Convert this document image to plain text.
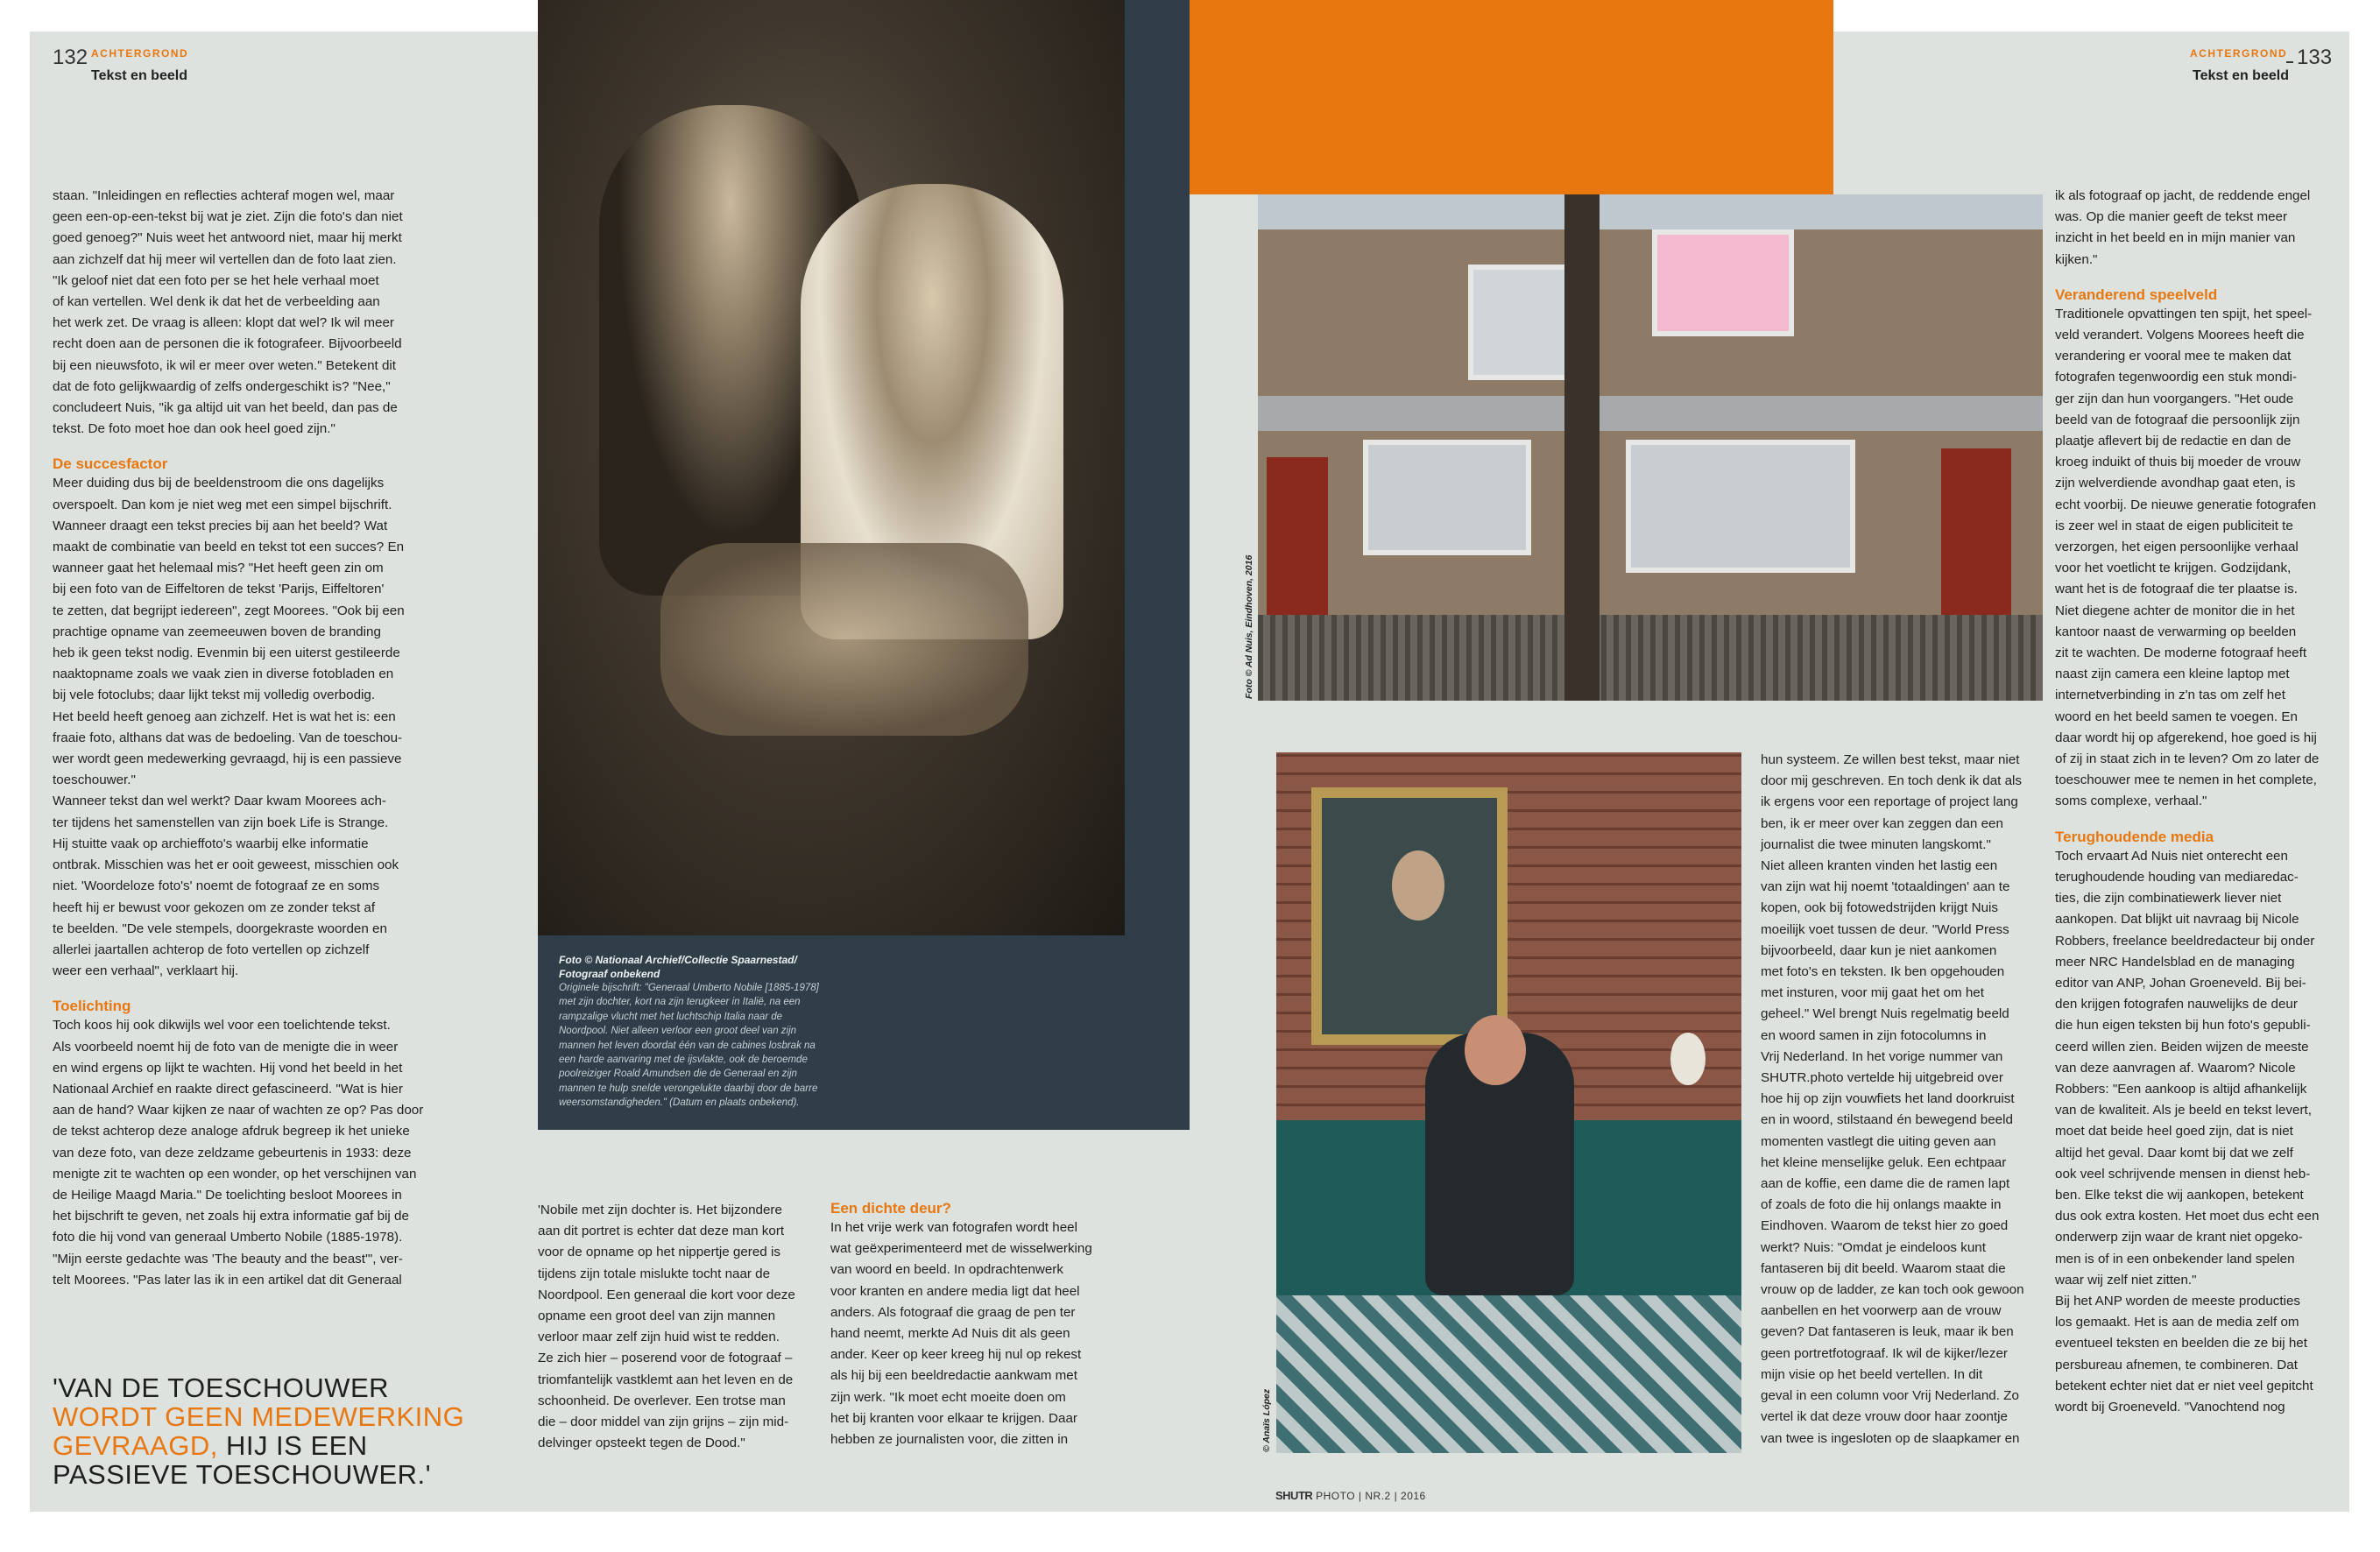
132 ACHTERGROND
Tekst en beeld
ACHTERGROND
Tekst en beeld
133
staan. "Inleidingen en reflecties achteraf mogen wel, maar
geen een-op-een-tekst bij wat je ziet. Zijn die foto's dan niet
goed genoeg?" Nuis weet het antwoord niet, maar hij merkt
aan zichzelf dat hij meer wil vertellen dan de foto laat zien.
"Ik geloof niet dat een foto per se het hele verhaal moet
of kan vertellen. Wel denk ik dat het de verbeelding aan
het werk zet. De vraag is alleen: klopt dat wel? Ik wil meer
recht doen aan de personen die ik fotografeer. Bijvoorbeeld
bij een nieuwsfoto, ik wil er meer over weten." Betekent dit
dat de foto gelijkwaardig of zelfs ondergeschikt is? "Nee,"
concludeert Nuis, "ik ga altijd uit van het beeld, dan pas de
tekst. De foto moet hoe dan ook heel goed zijn."
De succesfactor
Meer duiding dus bij de beeldenstroom die ons dagelijks
overspoelt. Dan kom je niet weg met een simpel bijschrift.
Wanneer draagt een tekst precies bij aan het beeld? Wat
maakt de combinatie van beeld en tekst tot een succes? En
wanneer gaat het helemaal mis? "Het heeft geen zin om
bij een foto van de Eiffeltoren de tekst 'Parijs, Eiffeltoren'
te zetten, dat begrijpt iedereen", zegt Moorees. "Ook bij een
prachtige opname van zeemeeuwen boven de branding
heb ik geen tekst nodig. Evenmin bij een uiterst gestileerde
naaktopname zoals we vaak zien in diverse fotobladen en
bij vele fotoclubs; daar lijkt tekst mij volledig overbodig.
Het beeld heeft genoeg aan zichzelf. Het is wat het is: een
fraaie foto, althans dat was de bedoeling. Van de toeschou-
wer wordt geen medewerking gevraagd, hij is een passieve
toeschouwer."
Wanneer tekst dan wel werkt? Daar kwam Moorees ach-
ter tijdens het samenstellen van zijn boek Life is Strange.
Hij stuitte vaak op archieffoto's waarbij elke informatie
ontbrak. Misschien was het er ooit geweest, misschien ook
niet. 'Woordeloze foto's' noemt de fotograaf ze en soms
heeft hij er bewust voor gekozen om ze zonder tekst af
te beelden. "De vele stempels, doorgekraste woorden en
allerlei jaartallen achterop de foto vertellen op zichzelf
weer een verhaal", verklaart hij.
Toelichting
Toch koos hij ook dikwijls wel voor een toelichtende tekst.
Als voorbeeld noemt hij de foto van de menigte die in weer
en wind ergens op lijkt te wachten. Hij vond het beeld in het
Nationaal Archief en raakte direct gefascineerd. "Wat is hier
aan de hand? Waar kijken ze naar of wachten ze op? Pas door
de tekst achterop deze analoge afdruk begreep ik het unieke
van deze foto, van deze zeldzame gebeurtenis in 1933: deze
menigte zit te wachten op een wonder, op het verschijnen van
de Heilige Maagd Maria." De toelichting besloot Moorees in
het bijschrift te geven, net zoals hij extra informatie gaf bij de
foto die hij vond van generaal Umberto Nobile (1885-1978).
"Mijn eerste gedachte was 'The beauty and the beast'", ver-
telt Moorees. "Pas later las ik in een artikel dat dit Generaal
'VAN DE TOESCHOUWER WORDT GEEN MEDEWERKING GEVRAAGD, HIJ IS EEN PASSIEVE TOESCHOUWER.'
Foto © Nationaal Archief/Collectie Spaarnestad/
Fotograaf onbekend
Originele bijschrift: "Generaal Umberto Nobile [1885-1978]
met zijn dochter, kort na zijn terugkeer in Italië, na een
rampzalige vlucht met het luchtschip Italia naar de
Noordpool. Niet alleen verloor een groot deel van zijn
mannen het leven doordat één van de cabines losbrak na
een harde aanvaring met de ijsvlakte, ook de beroemde
poolreiziger Roald Amundsen die de Generaal en zijn
mannen te hulp snelde verongelukte daarbij door de barre
weersomstandigheden." (Datum en plaats onbekend).
'Nobile met zijn dochter is. Het bijzondere
aan dit portret is echter dat deze man kort
voor de opname op het nippertje gered is
tijdens zijn totale mislukte tocht naar de
Noordpool. Een generaal die kort voor deze
opname een groot deel van zijn mannen
verloor maar zelf zijn huid wist te redden.
Ze zich hier – poserend voor de fotograaf –
triomfantelijk vastklemt aan het leven en de
schoonheid. De overlever. Een trotse man
die – door middel van zijn grijns – zijn mid-
delvinger opsteekt tegen de Dood."
Een dichte deur?
In het vrije werk van fotografen wordt heel
wat geëxperimenteerd met de wisselwerking
van woord en beeld. In opdrachtenwerk
voor kranten en andere media ligt dat heel
anders. Als fotograaf die graag de pen ter
hand neemt, merkte Ad Nuis dit als geen
ander. Keer op keer kreeg hij nul op rekest
als hij bij een beeldredactie aankwam met
zijn werk. "Ik moet echt moeite doen om
het bij kranten voor elkaar te krijgen. Daar
hebben ze journalisten voor, die zitten in
Foto © Ad Nuis, Eindhoven, 2016
© Anaïs López
hun systeem. Ze willen best tekst, maar niet
door mij geschreven. En toch denk ik dat als
ik ergens voor een reportage of project lang
ben, ik er meer over kan zeggen dan een
journalist die twee minuten langskomt."
Niet alleen kranten vinden het lastig een
van zijn wat hij noemt 'totaaldingen' aan te
kopen, ook bij fotowedstrijden krijgt Nuis
moeilijk voet tussen de deur. "World Press
bijvoorbeeld, daar kun je niet aankomen
met foto's en teksten. Ik ben opgehouden
met insturen, voor mij gaat het om het
geheel." Wel brengt Nuis regelmatig beeld
en woord samen in zijn fotocolumns in
Vrij Nederland. In het vorige nummer van
SHUTR.photo vertelde hij uitgebreid over
hoe hij op zijn vouwfiets het land doorkruist
en in woord, stilstaand én bewegend beeld
momenten vastlegt die uiting geven aan
het kleine menselijke geluk. Een echtpaar
aan de koffie, een dame die de ramen lapt
of zoals de foto die hij onlangs maakte in
Eindhoven. Waarom de tekst hier zo goed
werkt? Nuis: "Omdat je eindeloos kunt
fantaseren bij dit beeld. Waarom staat die
vrouw op de ladder, ze kan toch ook gewoon
aanbellen en het voorwerp aan de vrouw
geven? Dat fantaseren is leuk, maar ik ben
geen portretfotograaf. Ik wil de kijker/lezer
mijn visie op het beeld vertellen. In dit
geval in een column voor Vrij Nederland. Zo
vertel ik dat deze vrouw door haar zoontje
van twee is ingesloten op de slaapkamer en
ik als fotograaf op jacht, de reddende engel
was. Op die manier geeft de tekst meer
inzicht in het beeld en in mijn manier van
kijken."
Veranderend speelveld
Traditionele opvattingen ten spijt, het speel-
veld verandert. Volgens Moorees heeft die
verandering er vooral mee te maken dat
fotografen tegenwoordig een stuk mondi-
ger zijn dan hun voorgangers. "Het oude
beeld van de fotograaf die persoonlijk zijn
plaatje aflevert bij de redactie en dan de
kroeg induikt of thuis bij moeder de vrouw
zijn welverdiende avondhap gaat eten, is
echt voorbij. De nieuwe generatie fotografen
is zeer wel in staat de eigen publiciteit te
verzorgen, het eigen persoonlijke verhaal
voor het voetlicht te krijgen. Godzijdank,
want het is de fotograaf die ter plaatse is.
Niet diegene achter de monitor die in het
kantoor naast de verwarming op beelden
zit te wachten. De moderne fotograaf heeft
naast zijn camera een kleine laptop met
internetverbinding in z'n tas om zelf het
woord en het beeld samen te voegen. En
daar wordt hij op afgerekend, hoe goed is hij
of zij in staat zich in te leven? Om zo later de
toeschouwer mee te nemen in het complete,
soms complexe, verhaal."
Terughoudende media
Toch ervaart Ad Nuis niet onterecht een
terughoudende houding van mediaredac-
ties, die zijn combinatiewerk liever niet
aankopen. Dat blijkt uit navraag bij Nicole
Robbers, freelance beeldredacteur bij onder
meer NRC Handelsblad en de managing
editor van ANP, Johan Groeneveld. Bij bei-
den krijgen fotografen nauwelijks de deur
die hun eigen teksten bij hun foto's gepubli-
ceerd willen zien. Beiden wijzen de meeste
van deze aanvragen af. Waarom? Nicole
Robbers: "Een aankoop is altijd afhankelijk
van de kwaliteit. Als je beeld en tekst levert,
moet dat beide heel goed zijn, dat is niet
altijd het geval. Daar komt bij dat we zelf
ook veel schrijvende mensen in dienst heb-
ben. Elke tekst die wij aankopen, betekent
dus ook extra kosten. Het moet dus echt een
onderwerp zijn waar de krant niet opgeko-
men is of in een onbekender land spelen
waar wij zelf niet zitten."
Bij het ANP worden de meeste producties
los gemaakt. Het is aan de media zelf om
eventueel teksten en beelden die ze bij het
persbureau afnemen, te combineren. Dat
betekent echter niet dat er niet veel gepitcht
wordt bij Groeneveld. "Vanochtend nog
SHUTR PHOTO | NR.2 | 2016
